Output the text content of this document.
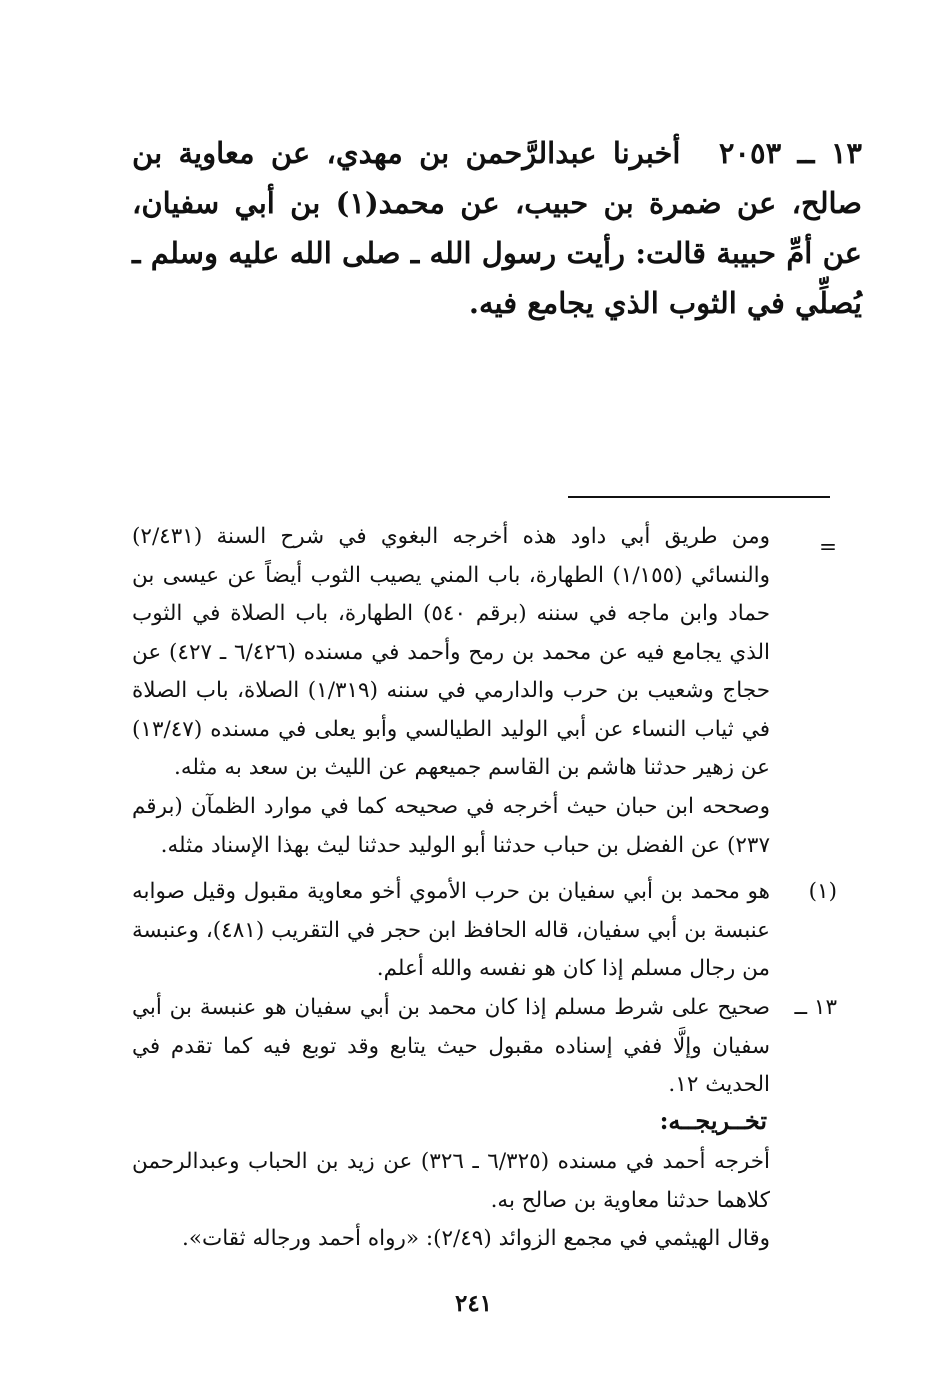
١٣ ــ ٢٠٥٣ أخبرنا عبدالرَّحمن بن مهدي، عن معاوية بن صالح، عن ضمرة بن حبيب، عن محمد(١) بن أبي سفيان، عن أمِّ حبيبة قالت: رأيت رسول الله ـ صلى الله عليه وسلم ـ يُصلِّي في الثوب الذي يجامع فيه.
=
ومن طريق أبي داود هذه أخرجه البغوي في شرح السنة (٢/٤٣١) والنسائي (١/١٥٥) الطهارة، باب المني يصيب الثوب أيضاً عن عيسى بن حماد وابن ماجه في سننه (برقم ٥٤٠) الطهارة، باب الصلاة في الثوب الذي يجامع فيه عن محمد بن رمح وأحمد في مسنده (٦/٤٢٦ ـ ٤٢٧) عن حجاج وشعيب بن حرب والدارمي في سننه (١/٣١٩) الصلاة، باب الصلاة في ثياب النساء عن أبي الوليد الطيالسي وأبو يعلى في مسنده (١٣/٤٧) عن زهير حدثنا هاشم بن القاسم جميعهم عن الليث بن سعد به مثله.
وصححه ابن حبان حيث أخرجه في صحيحه كما في موارد الظمآن (برقم ٢٣٧) عن الفضل بن حباب حدثنا أبو الوليد حدثنا ليث بهذا الإسناد مثله.
(١)
هو محمد بن أبي سفيان بن حرب الأموي أخو معاوية مقبول وقيل صوابه عنبسة بن أبي سفيان، قاله الحافظ ابن حجر في التقريب (٤٨١)، وعنبسة من رجال مسلم إذا كان هو نفسه والله أعلم.
١٣ ــ
صحيح على شرط مسلم إذا كان محمد بن أبي سفيان هو عنبسة بن أبي سفيان وإلَّا ففي إسناده مقبول حيث يتابع وقد توبع فيه كما تقدم في الحديث ١٢.
تخــريجــه:
أخرجه أحمد في مسنده (٦/٣٢٥ ـ ٣٢٦) عن زيد بن الحباب وعبدالرحمن كلاهما حدثنا معاوية بن صالح به.
وقال الهيثمي في مجمع الزوائد (٢/٤٩): «رواه أحمد ورجاله ثقات».
٢٤١
